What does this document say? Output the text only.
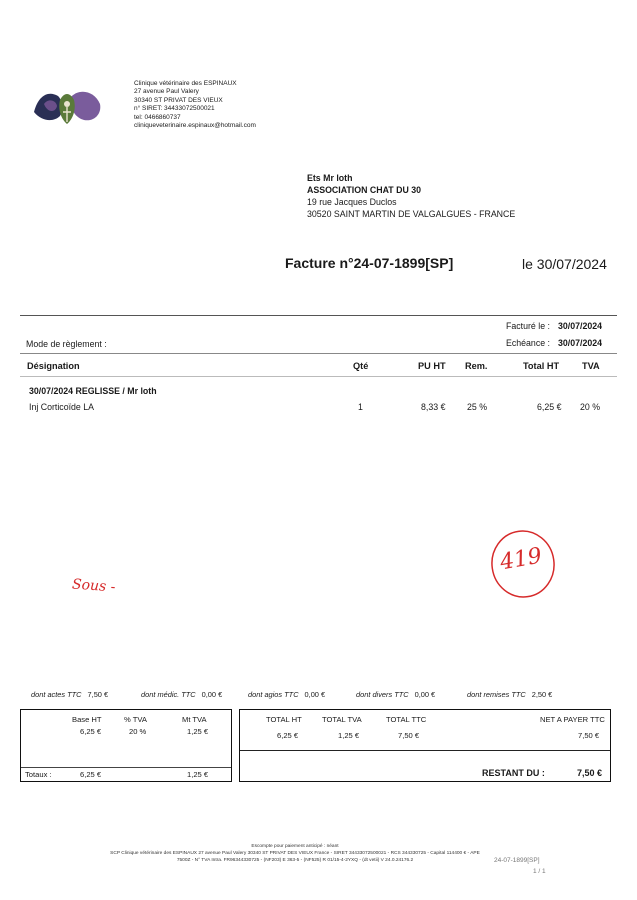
Clinique vétérinaire des ESPINAUX
27 avenue Paul Valery
30340 ST PRIVAT DES VIEUX
n° SIRET: 34433072500021
tel: 0466860737
cliniqueveterinaire.espinaux@hotmail.com
Ets Mr loth
ASSOCIATION CHAT DU 30
19 rue Jacques Duclos
30520 SAINT MARTIN DE VALGALGUES - FRANCE
Facture n°24-07-1899[SP]	le 30/07/2024
Facturé le : 30/07/2024
Echéance : 30/07/2024
Mode de règlement :
Désignation	Qté	PU HT Rem.	Total HT TVA
30/07/2024 REGLISSE / Mr loth
Inj Corticoïde LA	1	8,33 € 25 %	6,25 € 20 %
Sous -
419
dont actes TTC 7,50 €	dont médic. TTC 0,00 €	dont agios TTC 0,00 €	dont divers TTC 0,00 €	dont remises TTC 2,50 €
Base HT	% TVA	Mt TVA
6,25 €	20 %	1,25 €
Totaux :	6,25 €	1,25 €
TOTAL HT	TOTAL TVA	TOTAL TTC	NET A PAYER TTC
6,25 €	1,25 €	7,50 €	7,50 €
RESTANT DU :	7,50 €
Escompte pour paiement anticipé : néant
SCP Clinique vétérinaire des ESPINAUX 27 avenue Paul Valery 30340 ST PRIVAT DES VIEUX France - SIRET 34433072500021 - RCS 344330725 - Capital 114400 € - APE
7500Z - N° TVA Intra. FR96344330725 - (NF203) E 363-5 - (NF525) R 01/15-4-2YXQ - (dt vetii) V 24.0.24176.2	24-07-1899[SP]
1 / 1
